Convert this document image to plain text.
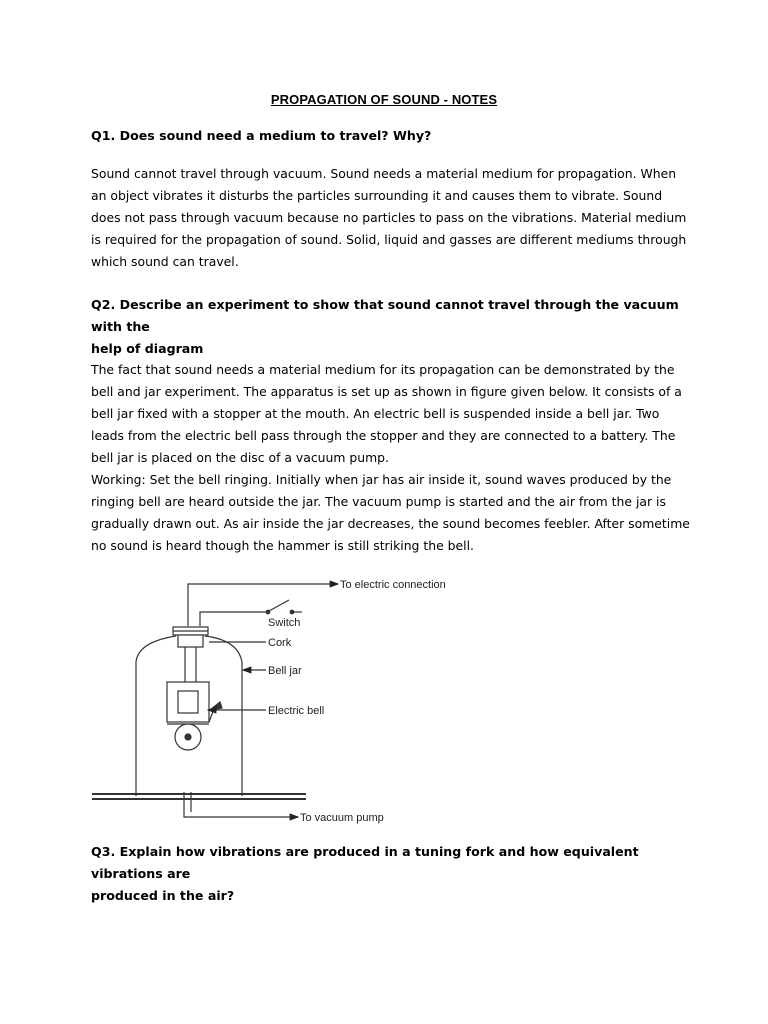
PROPAGATION OF SOUND - NOTES
Q1. Does sound need a medium to travel? Why?
Sound cannot travel through vacuum. Sound needs a material medium for propagation. When
an object vibrates it disturbs the particles surrounding it and causes them to vibrate. Sound
does not pass through vacuum because no particles to pass on the vibrations. Material medium
is required for the propagation of sound. Solid, liquid and gasses are different mediums through
which sound can travel.
Q2. Describe an experiment to show that sound cannot travel through the vacuum with the
help of diagram
The fact that sound needs a material medium for its propagation can be demonstrated by the
bell and jar experiment. The apparatus is set up as shown in figure given below. It consists of a
bell jar fixed with a stopper at the mouth. An electric bell is suspended inside a bell jar. Two
leads from the electric bell pass through the stopper and they are connected to a battery. The
bell jar is placed on the disc of a vacuum pump.
Working: Set the bell ringing. Initially when jar has air inside it, sound waves produced by the
ringing bell are heard outside the jar. The vacuum pump is started and the air from the jar is
gradually drawn out. As air inside the jar decreases, the sound becomes feebler. After sometime
no sound is heard though the hammer is still striking the bell.
To electric connection
Switch
Cork
Bell jar
Electric bell
To vacuum pump
Q3. Explain how vibrations are produced in a tuning fork and how equivalent vibrations are
produced in the air?
